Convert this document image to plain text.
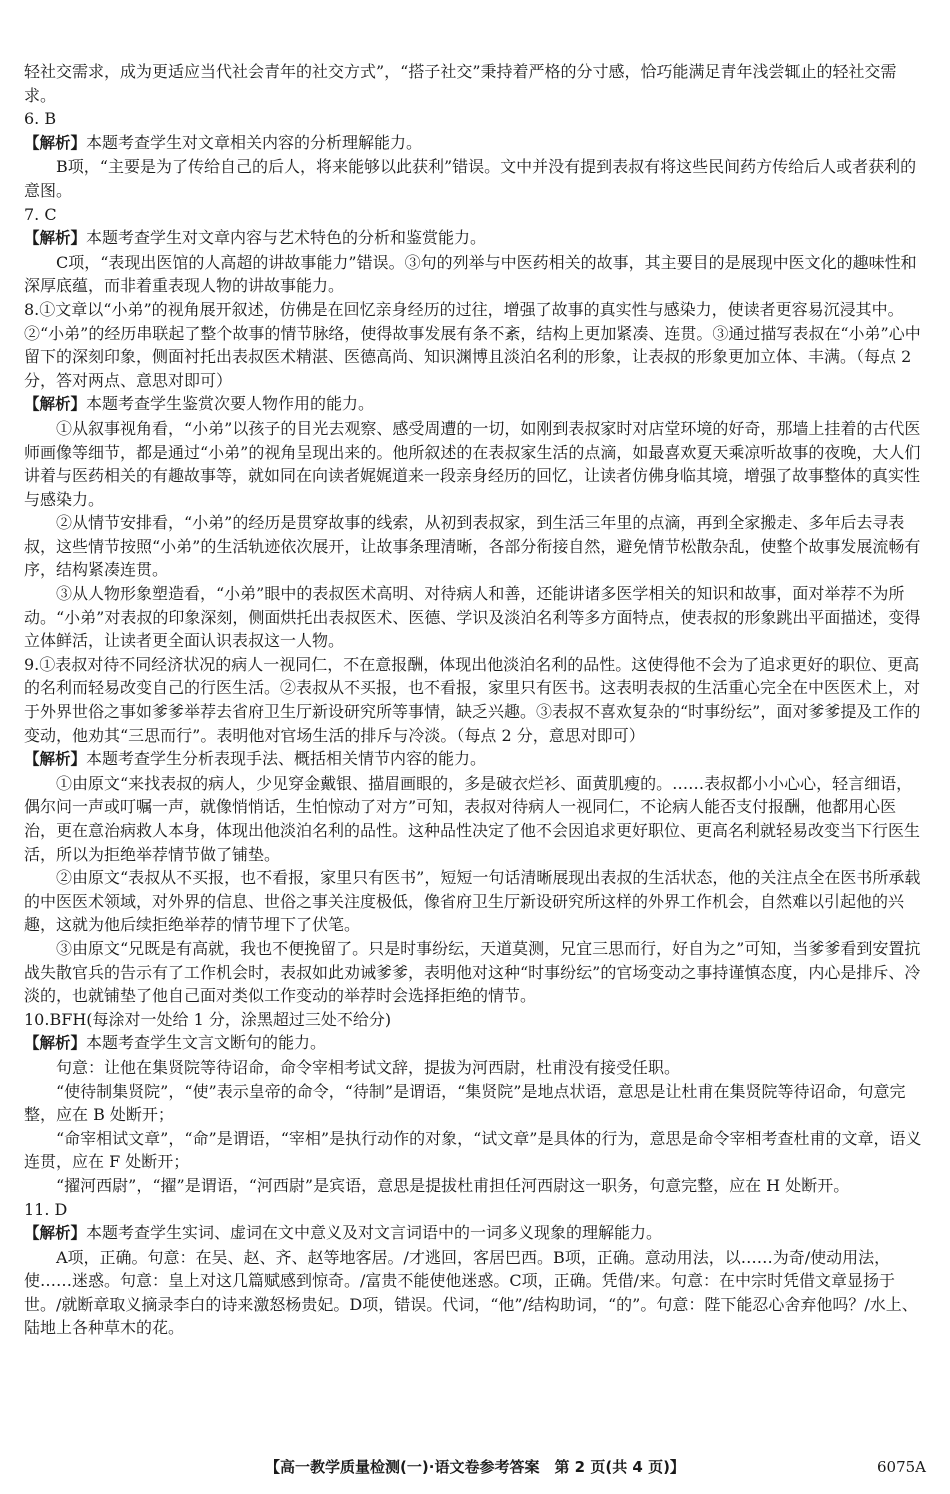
轻社交需求，成为更适应当代社会青年的社交方式”，“搭子社交”秉持着严格的分寸感，恰巧能满足青年浅尝辄止的轻社交需求。

6. B

【解析】本题考查学生对文章相关内容的分析理解能力。

B项，“主要是为了传给自己的后人，将来能够以此获利”错误。文中并没有提到表叔有将这些民间药方传给后人或者获利的意图。

7. C

【解析】本题考查学生对文章内容与艺术特色的分析和鉴赏能力。

C项，“表现出医馆的人高超的讲故事能力”错误。③句的列举与中医药相关的故事，其主要目的是展现中医文化的趣味性和深厚底蕴，而非着重表现人物的讲故事能力。

8.①文章以“小弟”的视角展开叙述，仿佛是在回忆亲身经历的过往，增强了故事的真实性与感染力，使读者更容易沉浸其中。②“小弟”的经历串联起了整个故事的情节脉络，使得故事发展有条不紊，结构上更加紧凑、连贯。③通过描写表叔在“小弟”心中留下的深刻印象，侧面衬托出表叔医术精湛、医德高尚、知识渊博且淡泊名利的形象，让表叔的形象更加立体、丰满。（每点 2 分，答对两点、意思对即可）

【解析】本题考查学生鉴赏次要人物作用的能力。

①从叙事视角看，“小弟”以孩子的目光去观察、感受周遭的一切，如刚到表叔家时对店堂环境的好奇，那墙上挂着的古代医师画像等细节，都是通过“小弟”的视角呈现出来的。他所叙述的在表叔家生活的点滴，如最喜欢夏天乘凉听故事的夜晚，大人们讲着与医药相关的有趣故事等，就如同在向读者娓娓道来一段亲身经历的回忆，让读者仿佛身临其境，增强了故事整体的真实性与感染力。

②从情节安排看，“小弟”的经历是贯穿故事的线索，从初到表叔家，到生活三年里的点滴，再到全家搬走、多年后去寻表叔，这些情节按照“小弟”的生活轨迹依次展开，让故事条理清晰，各部分衔接自然，避免情节松散杂乱，使整个故事发展流畅有序，结构紧凑连贯。

③从人物形象塑造看，“小弟”眼中的表叔医术高明、对待病人和善，还能讲诸多医学相关的知识和故事，面对举荐不为所动。“小弟”对表叔的印象深刻，侧面烘托出表叔医术、医德、学识及淡泊名利等多方面特点，使表叔的形象跳出平面描述，变得立体鲜活，让读者更全面认识表叔这一人物。

9.①表叔对待不同经济状况的病人一视同仁，不在意报酬，体现出他淡泊名利的品性。这使得他不会为了追求更好的职位、更高的名利而轻易改变自己的行医生活。②表叔从不买报，也不看报，家里只有医书。这表明表叔的生活重心完全在中医医术上，对于外界世俗之事如爹爹举荐去省府卫生厅新设研究所等事情，缺乏兴趣。③表叔不喜欢复杂的“时事纷纭”，面对爹爹提及工作的变动，他劝其“三思而行”。表明他对官场生活的排斥与冷淡。（每点 2 分，意思对即可）

【解析】本题考查学生分析表现手法、概括相关情节内容的能力。

①由原文“来找表叔的病人，少见穿金戴银、描眉画眼的，多是破衣烂衫、面黄肌瘦的。……表叔都小小心心，轻言细语，偶尔问一声或叮嘱一声，就像悄悄话，生怕惊动了对方”可知，表叔对待病人一视同仁，不论病人能否支付报酬，他都用心医治，更在意治病救人本身，体现出他淡泊名利的品性。这种品性决定了他不会因追求更好职位、更高名利就轻易改变当下行医生活，所以为拒绝举荐情节做了铺垫。

②由原文“表叔从不买报，也不看报，家里只有医书”，短短一句话清晰展现出表叔的生活状态，他的关注点全在医书所承载的中医医术领域，对外界的信息、世俗之事关注度极低，像省府卫生厅新设研究所这样的外界工作机会，自然难以引起他的兴趣，这就为他后续拒绝举荐的情节埋下了伏笔。

③由原文“兄既是有高就，我也不便挽留了。只是时事纷纭，天道莫测，兄宜三思而行，好自为之”可知，当爹爹看到安置抗战失散官兵的告示有了工作机会时，表叔如此劝诫爹爹，表明他对这种“时事纷纭”的官场变动之事持谨慎态度，内心是排斥、冷淡的，也就铺垫了他自己面对类似工作变动的举荐时会选择拒绝的情节。

10.BFH(每涂对一处给 1 分，涂黑超过三处不给分)

【解析】本题考查学生文言文断句的能力。

句意：让他在集贤院等待诏命，命令宰相考试文辞，提拔为河西尉，杜甫没有接受任职。

“使待制集贤院”，“使”表示皇帝的命令，“待制”是谓语，“集贤院”是地点状语，意思是让杜甫在集贤院等待诏命，句意完整，应在 B 处断开；

“命宰相试文章”，“命”是谓语，“宰相”是执行动作的对象，“试文章”是具体的行为，意思是命令宰相考查杜甫的文章，语义连贯，应在 F 处断开；

“擢河西尉”，“擢”是谓语，“河西尉”是宾语，意思是提拔杜甫担任河西尉这一职务，句意完整，应在 H 处断开。

11. D

【解析】本题考查学生实词、虚词在文中意义及对文言词语中的一词多义现象的理解能力。

A项，正确。句意：在吴、赵、齐、赵等地客居。/才逃回，客居巴西。B项，正确。意动用法，以……为奇/使动用法，使……迷惑。句意：皇上对这几篇赋感到惊奇。/富贵不能使他迷惑。C项，正确。凭借/来。句意：在中宗时凭借文章显扬于世。/就断章取义摘录李白的诗来激怒杨贵妃。D项，错误。代词，“他”/结构助词，“的”。句意：陛下能忍心舍弃他吗？/水上、陆地上各种草木的花。

【高一教学质量检测(一)·语文卷参考答案　第 2 页(共 4 页)】	6075A
